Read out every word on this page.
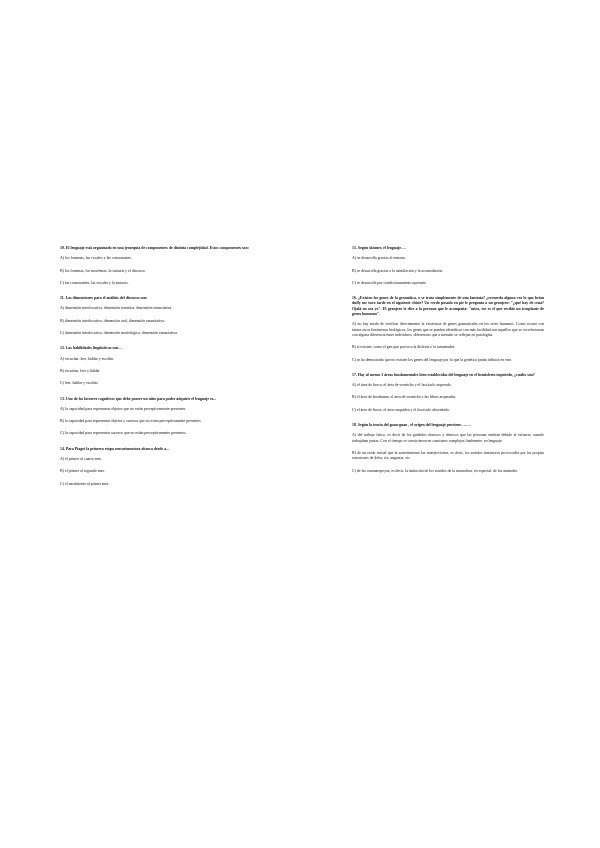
10. El lenguaje está organizado en una jerarquía de componentes de distinta complejidad. Estos componentes son:

A) los fonemas, las vocales y las consonantes.

B) los fonemas, los morfemas, la sintaxis y el discurso.

C) las consonantes, las vocales y la sintaxis.

11. Las dimensiones para el análisis del discurso son:

A) dimensión interlocutiva, dimensión temática, dimensión enunciativa.

B) dimensión interlocutiva, dimensión oral, dimensión enunciativa.

C) dimensión interlocutiva, dimensión morfológica, dimensión enunciativa.

12. Las habilidades lingüísticas son…

A) escuchar, leer, hablar y escribir.

B) escuchar, leer y hablar.

C) leer, hablar y escribir.

13. Uno de los factores cognitivos que debe poseer un niño para poder adquirir el lenguaje es...

A) la capacidad para representar objetos que no están perceptivamente presentes.

B) la capacidad para representar objetos y sucesos que no están perceptivamente presentes.

C) la capacidad para representar sucesos que no están perceptivamente presentes.

14. Para Piaget la primera etapa sensoriomotora abarca desde a...

A) el primer al cuarto mes.

B) el primer al segundo mes.

C) el nacimiento al primer mes.

15. Según skinner, el lenguaje….

A) se desarrolla gracias al entorno.

B) se desarrolla gracias a la asimilación y la acomodación.

C) se desarrolla por condicionamiento operante.

16. ¿Existen los genes de la gramática, o se trata simplemente de una fantasía? ¿recuerda alguna vez lo que brian duffy me tuvo tarde en el siguiente chiste? Un cerdo posado en pie le pregunta a un granjero: "¿qué hay de cena? Ojalá no sea yo". El granjero le dice a la persona que le acompaña: "mira, ese es el que recibió un trasplante de genes humanos".

A) no hay modo de verificar directamente la existencia de genes gramaticales en los seres humanos. Como ocurre con tantos otros fenómenos biológicos, los genes que se pueden identificar con más facilidad son aquellos que se correlacionan con alguna diferencia entre individuos, diferencias que a menudo se reflejan en patologías.

B) sí existen, como el gen que provoca la dislexia o la tartamudez.

C) se ha demostrado que no existen los genes del lenguaje por lo que la genética jamás influirá en este.

17. Hay al menos 3 áreas fundamentales bien establecidas del lenguaje en el hemisferio izquierdo, ¿cuáles son?

A) el área de broca, el área de wernicke y el fascículo arqueado.

B) el área de brodmann, el área de wernicke y las fibras arqueadas.

C) el área de broca, el área rasquídea y el fascículo abovedado.

18. Según la teoría del guau-guau , el origen del lenguaje proviene……..

A) del trabajo físico, es decir de los gruñidos rítmicos y rítmicos que las personas emitían debido al esfuerzo cuando trabajaban juntas. Con el tiempo se convirtieron en canciones complejas finalmente, en lenguaje.

B) de un ruido inicial que la sometimiento las interjecciones, es decir, los sonidos instintivos provocados por las propias emociones de dolor, ira, angustia, etc.

C) de las onomatopeyas; es decir, la imitación de los sonidos de la naturaleza, en especial, de los animales.
